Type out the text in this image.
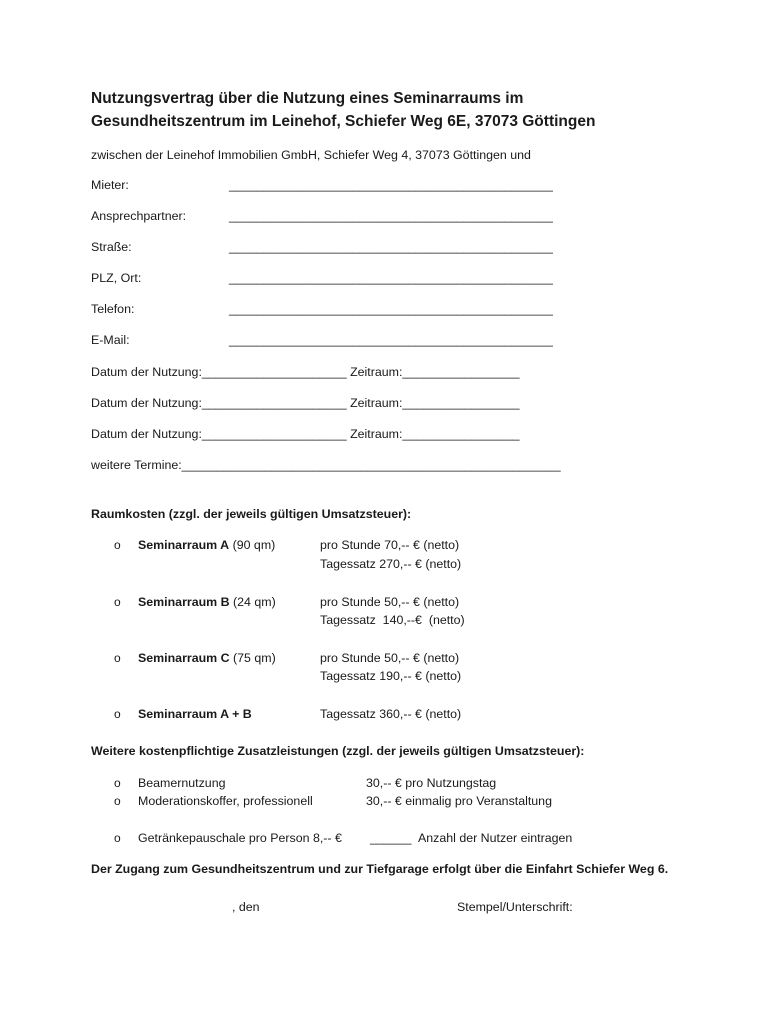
Nutzungsvertrag über die Nutzung eines Seminarraums im
Gesundheitszentrum im Leinehof, Schiefer Weg 6E, 37073 Göttingen
zwischen der Leinehof Immobilien GmbH, Schiefer Weg 4, 37073 Göttingen und
Mieter:	_______________________________________________
Ansprechpartner:	_______________________________________________
Straße:	_______________________________________________
PLZ, Ort:	_______________________________________________
Telefon:	_______________________________________________
E-Mail:	_______________________________________________
Datum der Nutzung:_____________________ Zeitraum:_________________
Datum der Nutzung:_____________________ Zeitraum:_________________
Datum der Nutzung:_____________________ Zeitraum:_________________
weitere Termine:_______________________________________________________
Raumkosten (zzgl. der jeweils gültigen Umsatzsteuer):
o Seminarraum A (90 qm)	pro Stunde 70,-- € (netto)
Tagessatz 270,-- € (netto)
o Seminarraum B (24 qm)	pro Stunde 50,-- € (netto)
Tagessatz  140,--€  (netto)
o Seminarraum C (75 qm)	pro Stunde 50,-- € (netto)
Tagessatz 190,-- € (netto)
o Seminarraum A + B	Tagessatz 360,-- € (netto)
Weitere kostenpflichtige Zusatzleistungen (zzgl. der jeweils gültigen Umsatzsteuer):
o Beamernutzung	30,-- € pro Nutzungstag
o Moderationskoffer, professionell	30,-- € einmalig pro Veranstaltung
o Getränkepauschale pro Person 8,-- € ______ Anzahl der Nutzer eintragen
Der Zugang zum Gesundheitszentrum und zur Tiefgarage erfolgt über die Einfahrt Schiefer Weg 6.
, den	Stempel/Unterschrift:
